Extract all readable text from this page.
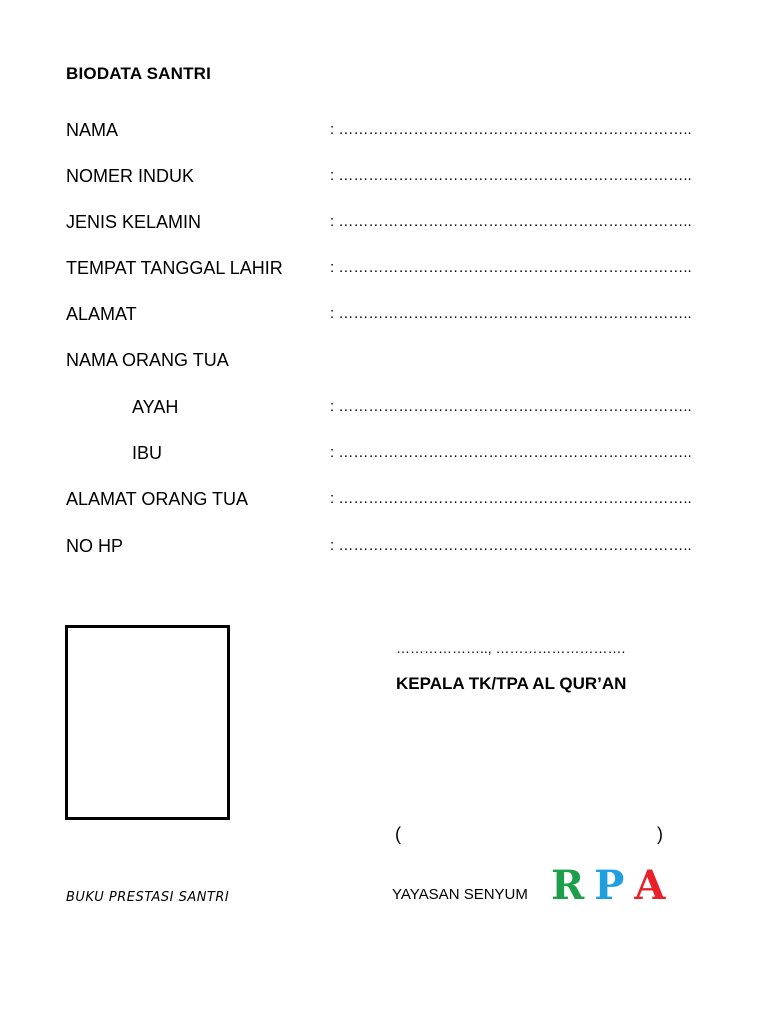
BIODATA SANTRI
NAMA	: ……………………………………………………………..
NOMER INDUK	: ……………………………………………………………..
JENIS KELAMIN	: ……………………………………………………………..
TEMPAT TANGGAL LAHIR	: ……………………………………………………………..
ALAMAT	: ……………………………………………………………..
NAMA ORANG TUA
AYAH	: ……………………………………………………………..
IBU	: ……………………………………………………………..
ALAMAT ORANG TUA	: ……………………………………………………………..
NO HP	: ……………………………………………………………..
……………….., ……………………….
KEPALA TK/TPA AL QUR’AN
(	)
BUKU PRESTASI SANTRI	YAYASAN SENYUM R P A
